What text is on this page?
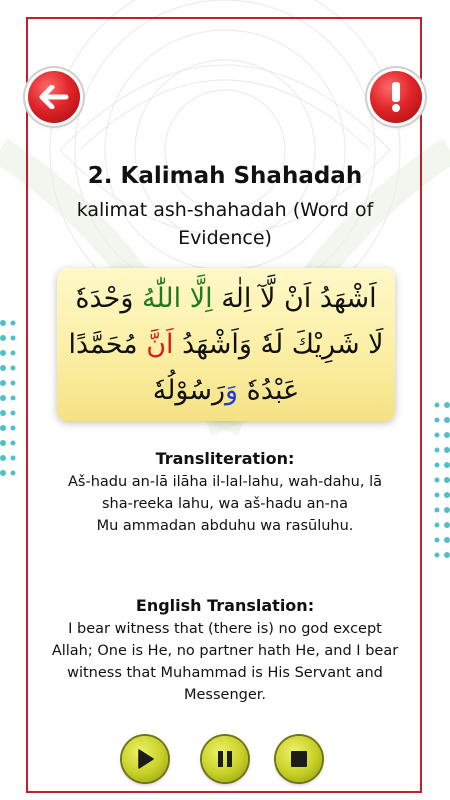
2. Kalimah Shahadah
kalimat ash-shahadah (Word of Evidence)
اَشْهَدُ اَنْ لَّآ اِلٰهَ اِلَّا اللّٰهُ وَحْدَهٗ
لَا شَرِيْكَ لَهٗ وَاَشْهَدُ اَنَّ مُحَمَّدًا
عَبْدُهٗ وَرَسُوْلُهٗ
Transliteration:
Aš-hadu an-lā ilāha il-lal-lahu, wah-dahu, lā
sha-reeka lahu, wa aš-hadu an-na
Mu ammadan abduhu wa rasūluhu.
English Translation:
I bear witness that (there is) no god except
Allah; One is He, no partner hath He, and I bear
witness that Muhammad is His Servant and
Messenger.
